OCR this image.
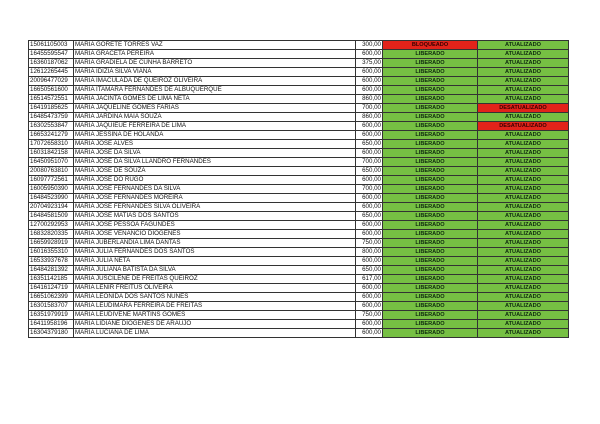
15061105003	MARIA GORETE TORRES VAZ	300,00	BLOQUEADO	ATUALIZADO
16455595547	MARIA GRACETA PEREIRA	600,00	LIBERADO	ATUALIZADO
16360187062	MARIA GRADIELA DE CUNHA BARRETO	375,00	LIBERADO	ATUALIZADO
12612265445	MARIA IDIZIA SILVA VIANA	600,00	LIBERADO	ATUALIZADO
20096477029	MARIA IMACULADA DE QUEIROZ OLIVEIRA	600,00	LIBERADO	ATUALIZADO
16650561600	MARIA ITAMARA FERNANDES DE ALBUQUERQUE	600,00	LIBERADO	ATUALIZADO
16514572551	MARIA JACINTA GOMES DE LIMA NETA	860,00	LIBERADO	ATUALIZADO
16419185625	MARIA JAQUELINE GOMES FARIAS	700,00	LIBERADO	DESATUALIZADO
16485473759	MARIA JARDINA MAIA SOUZA	860,00	LIBERADO	ATUALIZADO
16302553847	MARIA JAQUIEUE FERREIRA DE LIMA	600,00	LIBERADO	DESATUALIZADO
16653241279	MARIA JESSINA DE HOLANDA	600,00	LIBERADO	ATUALIZADO
17072658310	MARIA JOSE ALVES	650,00	LIBERADO	ATUALIZADO
16031842158	MARIA JOSE DA SILVA	600,00	LIBERADO	ATUALIZADO
16450951070	MARIA JOSE DA SILVA LLANDRO FERNANDES	700,00	LIBERADO	ATUALIZADO
20080763810	MARIA JOSE DE SOUZA	650,00	LIBERADO	ATUALIZADO
16097772561	MARIA JOSE DO RUGO	600,00	LIBERADO	ATUALIZADO
16005950390	MARIA JOSE FERNANDES DA SILVA	700,00	LIBERADO	ATUALIZADO
16484523990	MARIA JOSE FERNANDES MOREIRA	600,00	LIBERADO	ATUALIZADO
20704923194	MARIA JOSE FERNANDES SILVA OLIVEIRA	600,00	LIBERADO	ATUALIZADO
16484581509	MARIA JOSE MATIAS DOS SANTOS	650,00	LIBERADO	ATUALIZADO
12700292953	MARIA JOSE PESSOA FAGUNDES	600,00	LIBERADO	ATUALIZADO
16832820335	MARIA JOSE VENANCIO DIOGENES	600,00	LIBERADO	ATUALIZADO
16659928919	MARIA JUBERLANDIA LIMA DANTAS	750,00	LIBERADO	ATUALIZADO
16016355310	MARIA JULIA FERNANDES DOS SANTOS	800,00	LIBERADO	ATUALIZADO
16533937678	MARIA JULIA NETA	600,00	LIBERADO	ATUALIZADO
16484281392	MARIA JULIANA BATISTA DA SILVA	650,00	LIBERADO	ATUALIZADO
16351142185	MARIA JUSCILENE DE FREITAS QUEIROZ	617,00	LIBERADO	ATUALIZADO
16416124719	MARIA LENIR FREITUS OLIVEIRA	600,00	LIBERADO	ATUALIZADO
16651062399	MARIA LEONIDA DOS SANTOS NUNES	600,00	LIBERADO	ATUALIZADO
16301583707	MARIA LEUDIMARA FERREIRA DE FREITAS	600,00	LIBERADO	ATUALIZADO
16351979919	MARIA LEUDIVENE MARTINS GOMES	750,00	LIBERADO	ATUALIZADO
16411958196	MARIA LIDIANE DIOGENES DE ARAUJO	600,00	LIBERADO	ATUALIZADO
16304379180	MARIA LUCIANA DE LIMA	600,00	LIBERADO	ATUALIZADO
